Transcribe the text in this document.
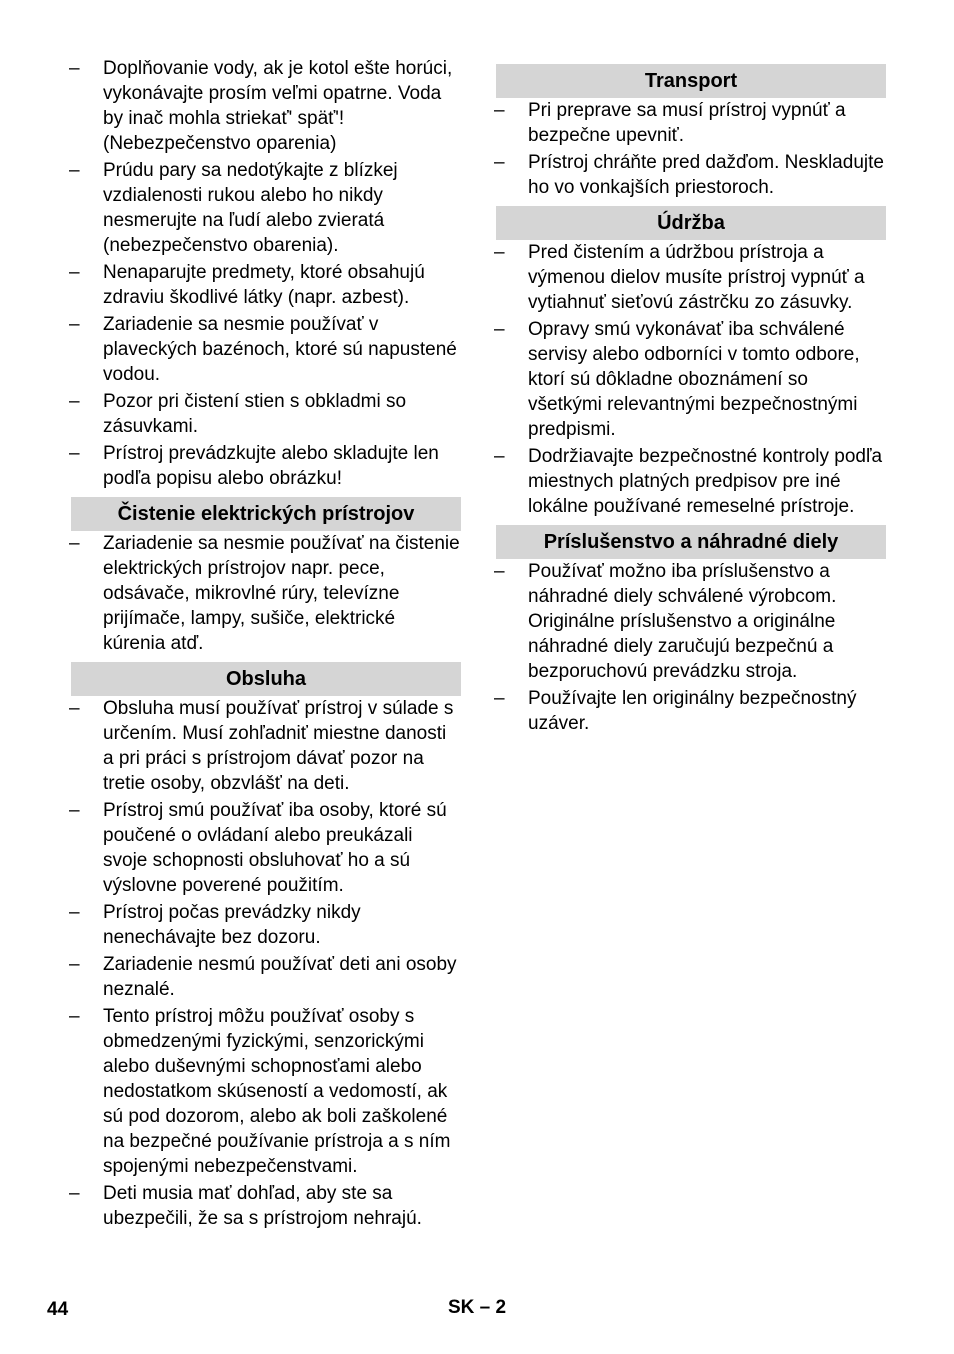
–	Doplňovanie vody, ak je kotol ešte horúci, vykonávajte prosím veľmi opatrne. Voda by inač mohla striekať' späť'! (Nebezpečenstvo oparenia)
–	Prúdu pary sa nedotýkajte z blízkej vzdialenosti rukou alebo ho nikdy nesmerujte na ľudí alebo zvieratá (nebezpečenstvo obarenia).
–	Nenaparujte predmety, ktoré obsahujú zdraviu škodlivé látky (napr. azbest).
–	Zariadenie sa nesmie používať v plaveckých bazénoch, ktoré sú napustené vodou.
–	Pozor pri čistení stien s obkladmi so zásuvkami.
–	Prístroj prevádzkujte alebo skladujte len podľa popisu alebo obrázku!
Čistenie elektrických prístrojov
–	Zariadenie sa nesmie používať na čistenie elektrických prístrojov napr. pece, odsávače, mikrovlné rúry, televízne prijímače, lampy, sušiče, elektrické kúrenia atď.
Obsluha
–	Obsluha musí používať prístroj v súlade s určením. Musí zohľadniť miestne danosti a pri práci s prístrojom dávať pozor na tretie osoby, obzvlášť na deti.
–	Prístroj smú používať iba osoby, ktoré sú poučené o ovládaní alebo preukázali svoje schopnosti obsluhovať ho a sú výslovne poverené použitím.
–	Prístroj počas prevádzky nikdy nenechávajte bez dozoru.
–	Zariadenie nesmú používať deti ani osoby neznalé.
–	Tento prístroj môžu používať osoby s obmedzenými fyzickými, senzorickými alebo duševnými schopnosťami alebo nedostatkom skúseností a vedomostí, ak sú pod dozorom, alebo ak boli zaškolené na bezpečné používanie prístroja a s ním spojenými nebezpečenstvami.
–	Deti musia mať dohľad, aby ste sa ubezpečili, že sa s prístrojom nehrajú.
Transport
–	Pri preprave sa musí prístroj vypnúť a bezpečne upevniť.
–	Prístroj chráňte pred dažďom. Neskladujte ho vo vonkajších priestoroch.
Údržba
–	Pred čistením a údržbou prístroja a výmenou dielov musíte prístroj vypnúť a vytiahnuť sieťovú zástrčku zo zásuvky.
–	Opravy smú vykonávať iba schválené servisy alebo odborníci v tomto odbore, ktorí sú dôkladne oboznámení so všetkými relevantnými bezpečnostnými predpismi.
–	Dodržiavajte bezpečnostné kontroly podľa miestnych platných predpisov pre iné lokálne používané remeselné prístroje.
Príslušenstvo a náhradné diely
–	Používať možno iba príslušenstvo a náhradné diely schválené výrobcom. Originálne príslušenstvo a originálne náhradné diely zaručujú bezpečnú a bezporuchovú prevádzku stroja.
–	Používajte len originálny bezpečnostný uzáver.
44	SK – 2
